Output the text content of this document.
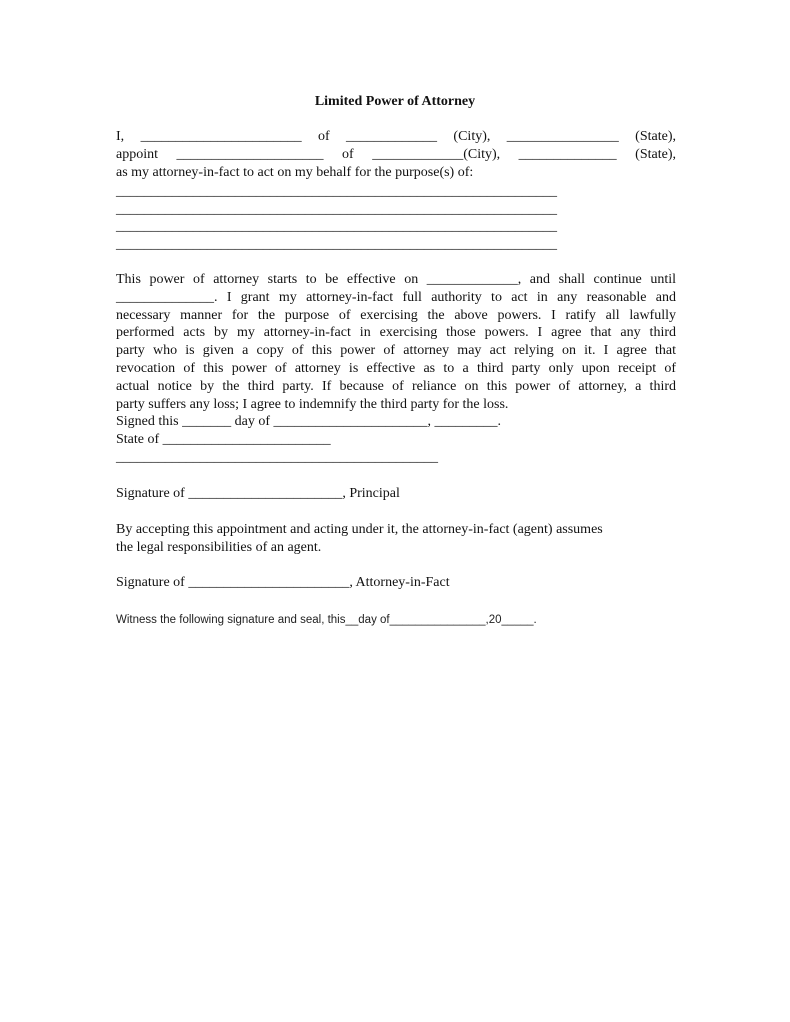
Limited Power of Attorney
I, _______________________ of _____________ (City), ________________ (State),
appoint _____________________ of _____________(City), ______________ (State),
as my attorney-in-fact to act on my behalf for the purpose(s) of:
_______________________________________________________________
_______________________________________________________________
_______________________________________________________________
_______________________________________________________________
This power of attorney starts to be effective on _____________, and shall continue until
______________. I grant my attorney-in-fact full authority to act in any reasonable and
necessary manner for the purpose of exercising the above powers. I ratify all lawfully
performed acts by my attorney-in-fact in exercising those powers. I agree that any third
party who is given a copy of this power of attorney may act relying on it. I agree that
revocation of this power of attorney is effective as to a third party only upon receipt of
actual notice by the third party. If because of reliance on this power of attorney, a third
party suffers any loss; I agree to indemnify the third party for the loss.
Signed this _______ day of ______________________, _________.
State of ________________________
______________________________________________
Signature of ______________________, Principal
By accepting this appointment and acting under it, the attorney-in-fact (agent) assumes
the legal responsibilities of an agent.
Signature of _______________________, Attorney-in-Fact
Witness the following signature and seal, this__day of_______________,20_____.
